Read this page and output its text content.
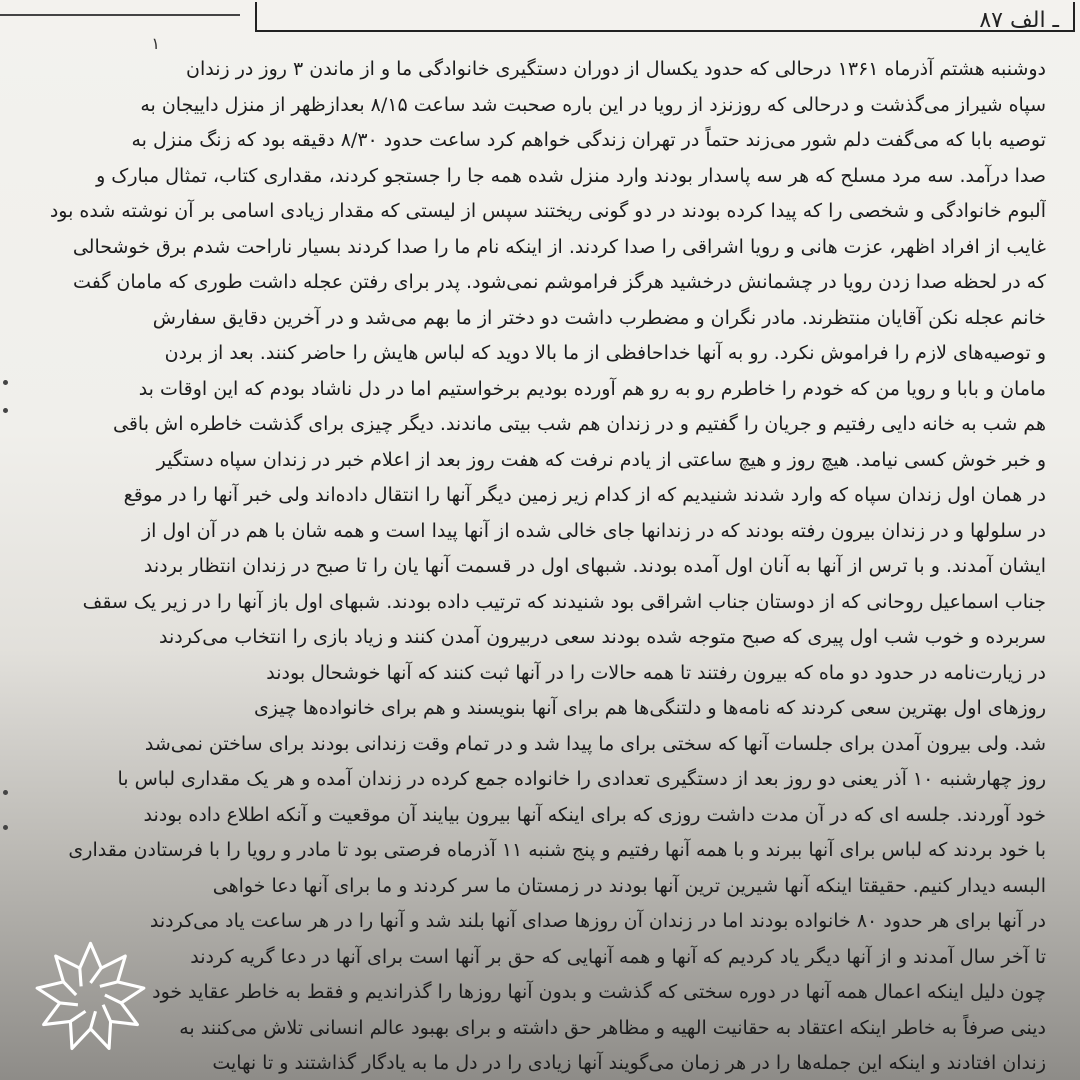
۸۷ ـ الف
۱

دوشنبه هشتم آذرماه ۱۳۶۱ درحالی که حدود یکسال از دوران دستگیری خانوادگی ما و از ماندن ۳ روز در زندان

سپاه شیراز می‌گذشت و درحالی که روزنزد از رویا در این باره صحبت شد ساعت ۸/۱۵ بعدازظهر از منزل داییجان به

توصیه بابا که می‌گفت دلم شور می‌زند حتماً در تهران زندگی خواهم کرد ساعت حدود ۸/۳۰ دقیقه بود که زنگ منزل به

صدا درآمد. سه مرد مسلح که هر سه پاسدار بودند وارد منزل شده همه جا را جستجو کردند، مقداری کتاب، تمثال مبارک و

آلبوم خانوادگی و شخصی را که پیدا کرده بودند در دو گونی ریختند سپس از لیستی که مقدار زیادی اسامی بر آن نوشته شده بود

غایب از افراد اظهر، عزت هانی و رویا اشراقی را صدا کردند. از اینکه نام ما را صدا کردند بسیار ناراحت شدم برق خوشحالی

که در لحظه صدا زدن رویا در چشمانش درخشید هرگز فراموشم نمی‌شود. پدر برای رفتن عجله داشت طوری که مامان گفت

خانم عجله نکن آقایان منتظرند. مادر نگران و مضطرب داشت دو دختر از ما بهم می‌شد و در آخرین دقایق سفارش

و توصیه‌های لازم را فراموش نکرد. رو به آنها خداحافظی از ما بالا دوید که لباس هایش را حاضر کنند. بعد از بردن

مامان و بابا و رویا من که خودم را خاطرم رو به رو هم آورده بودیم برخواستیم اما در دل ناشاد بودم که این اوقات بد

هم شب به خانه دایی رفتیم و جریان را گفتیم و در زندان هم شب بیتی ماندند. دیگر چیزی برای گذشت خاطره اش باقی

و خبر خوش کسی نیامد. هیچ روز و هیچ ساعتی از یادم نرفت که هفت روز بعد از اعلام خبر در زندان سپاه دستگیر

در همان اول زندان سپاه که وارد شدند شنیدیم که از کدام زیر زمین دیگر آنها را انتقال داده‌اند ولی خبر آنها را در موقع

در سلولها و در زندان بیرون رفته بودند که در زندانها جای خالی شده از آنها پیدا است و همه شان با هم در آن اول از

ایشان آمدند. و با ترس از آنها به آنان اول آمده بودند. شبهای اول در قسمت آنها یان را تا صبح در زندان انتظار بردند

جناب اسماعیل روحانی که از دوستان جناب اشراقی بود شنیدند که ترتیب داده بودند. شبهای اول باز آنها را در زیر یک سقف

سربرده و خوب شب اول پیری که صبح متوجه شده بودند سعی دربیرون آمدن کنند و زیاد بازی را انتخاب می‌کردند

در زیارت‌نامه در حدود دو ماه که بیرون رفتند تا همه حالات را در آنها ثبت کنند که آنها خوشحال بودند

روزهای اول بهترین سعی کردند که نامه‌ها و دلتنگی‌ها هم برای آنها بنویسند و هم برای خانواده‌ها چیزی

شد. ولی بیرون آمدن برای جلسات آنها که سختی برای ما پیدا شد و در تمام وقت زندانی بودند برای ساختن نمی‌شد

روز چهارشنبه ۱۰ آذر یعنی دو روز بعد از دستگیری تعدادی را خانواده جمع کرده در زندان آمده و هر یک مقداری لباس با

خود آوردند. جلسه ای که در آن مدت داشت روزی که برای اینکه آنها بیرون بیایند آن موقعیت و آنکه اطلاع داده بودند

با خود بردند که لباس برای آنها ببرند و با همه آنها رفتیم و پنج شنبه ۱۱ آذرماه فرصتی بود تا مادر و رویا را با فرستادن مقداری

البسه دیدار کنیم. حقیقتا اینکه آنها شیرین ترین آنها بودند در زمستان ما سر کردند و ما برای آنها دعا خواهی

در آنها برای هر حدود ۸۰ خانواده بودند اما در زندان آن روزها صدای آنها بلند شد و آنها را در هر ساعت یاد می‌کردند

تا آخر سال آمدند و از آنها دیگر یاد کردیم که آنها و همه آنهایی که حق بر آنها است برای آنها در دعا گریه کردند

چون دلیل اینکه اعمال همه آنها در دوره سختی که گذشت و بدون آنها روزها را گذراندیم و فقط به خاطر عقاید خود

دینی صرفاً به خاطر اینکه اعتقاد به حقانیت الهیه و مظاهر حق داشته و برای بهبود عالم انسانی تلاش می‌کنند به

زندان افتادند و اینکه این جمله‌ها را در هر زمان می‌گویند آنها زیادی را در دل ما به یادگار گذاشتند و تا نهایت
